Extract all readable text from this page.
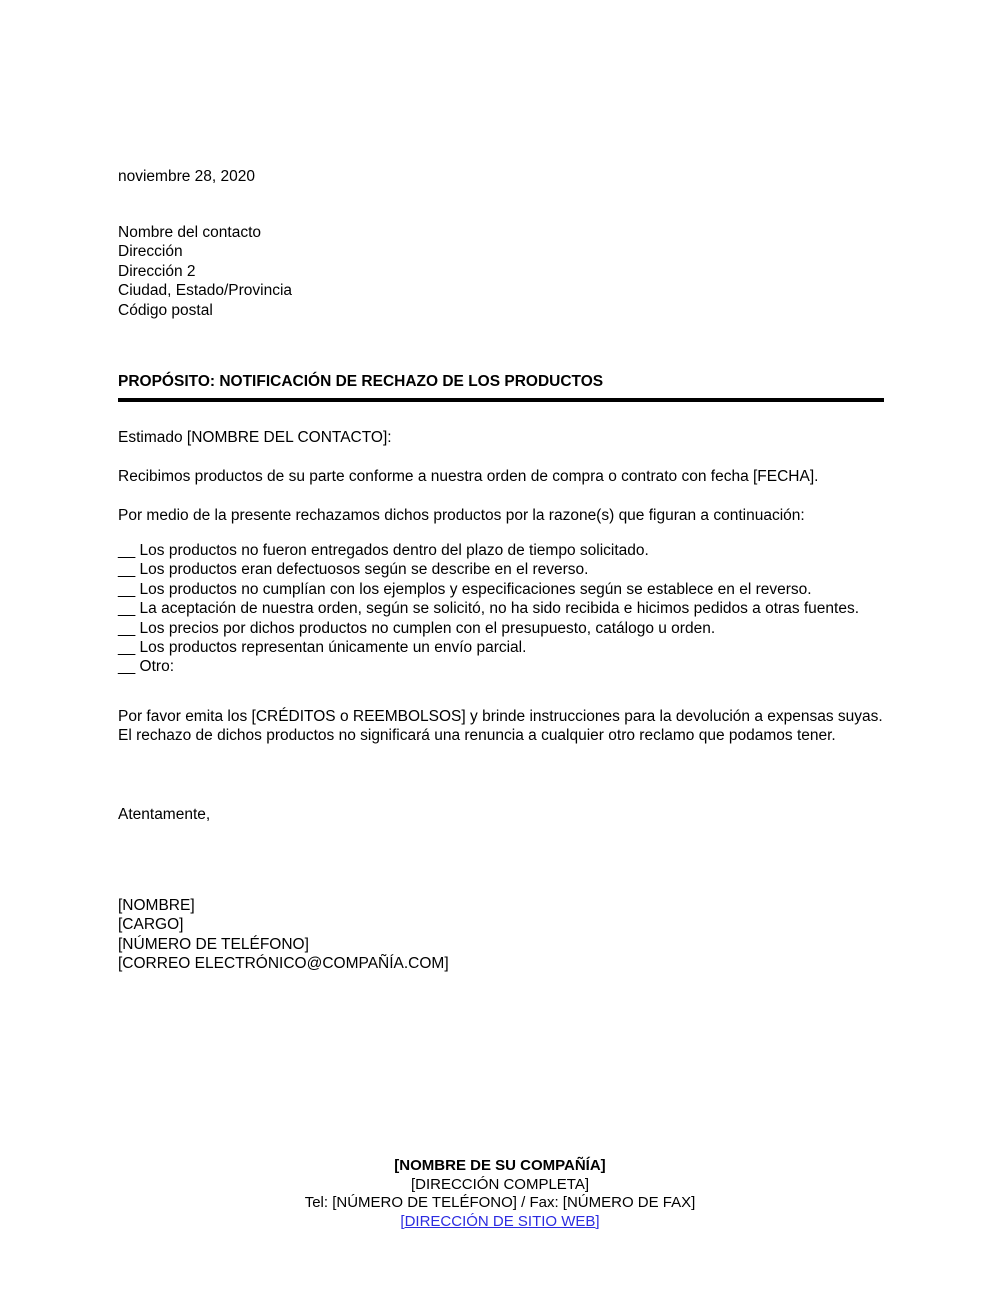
noviembre 28, 2020
Nombre del contacto
Dirección
Dirección 2
Ciudad, Estado/Provincia
Código postal
PROPÓSITO: NOTIFICACIÓN DE RECHAZO DE LOS PRODUCTOS
Estimado [NOMBRE DEL CONTACTO]:
Recibimos productos de su parte conforme a nuestra orden de compra o contrato con fecha [FECHA].
Por medio de la presente rechazamos dichos productos por la razone(s) que figuran a continuación:
__ Los productos no fueron entregados dentro del plazo de tiempo solicitado.
__ Los productos eran defectuosos según se describe en el reverso.
__ Los productos no cumplían con los ejemplos y especificaciones según se establece en el reverso.
__ La aceptación de nuestra orden, según se solicitó, no ha sido recibida e hicimos pedidos a otras fuentes.
__ Los precios por dichos productos no cumplen con el presupuesto, catálogo u orden.
__ Los productos representan únicamente un envío parcial.
__ Otro:
Por favor emita los [CRÉDITOS o REEMBOLSOS] y brinde instrucciones para la devolución a expensas suyas. El rechazo de dichos productos no significará una renuncia a cualquier otro reclamo que podamos tener.
Atentamente,
[NOMBRE]
[CARGO]
[NÚMERO DE TELÉFONO]
[CORREO ELECTRÓNICO@COMPAÑÍA.COM]
[NOMBRE DE SU COMPAÑÍA]
[DIRECCIÓN COMPLETA]
Tel: [NÚMERO DE TELÉFONO] / Fax: [NÚMERO DE FAX]
[DIRECCIÓN DE SITIO WEB]
